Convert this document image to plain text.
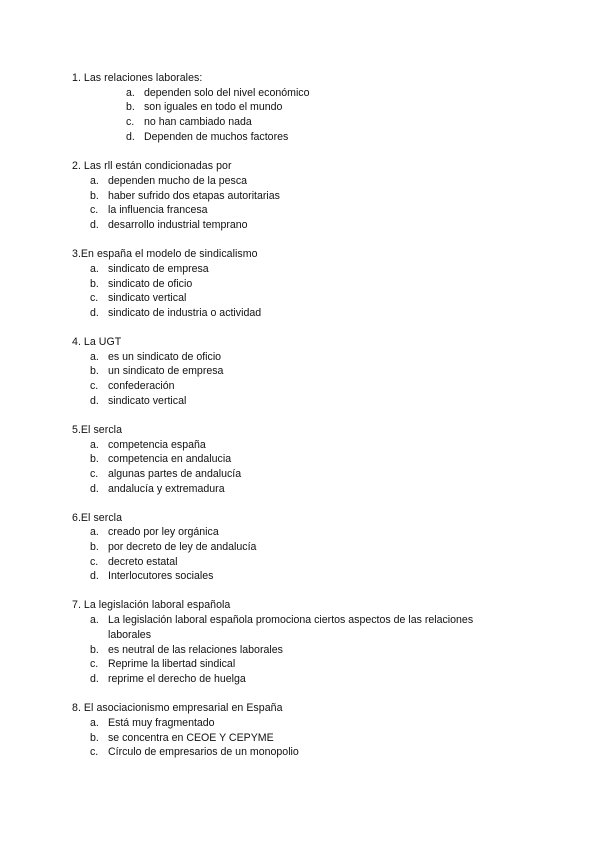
1. Las relaciones laborales:
a. dependen solo del nivel económico
b. son iguales en todo el mundo
c. no han cambiado nada
d. Dependen de muchos factores
2. Las rll están condicionadas por
a. dependen mucho de la pesca
b. haber sufrido dos etapas autoritarias
c. la influencia francesa
d. desarrollo industrial temprano
3.En españa el modelo de sindicalismo
a. sindicato de empresa
b. sindicato de oficio
c. sindicato vertical
d. sindicato de industria o actividad
4. La UGT
a. es un sindicato de oficio
b. un sindicato de empresa
c. confederación
d. sindicato vertical
5.El sercla
a. competencia españa
b. competencia en andalucia
c. algunas partes de andalucía
d. andalucía y extremadura
6.El sercla
a. creado por ley orgánica
b. por decreto de ley de andalucía
c. decreto estatal
d. Interlocutores sociales
7. La legislación laboral española
a. La legislación laboral española promociona ciertos aspectos de las relaciones
laborales
b. es neutral de las relaciones laborales
c. Reprime la libertad sindical
d. reprime el derecho de huelga
8. El asociacionismo empresarial en España
a. Está muy fragmentado
b. se concentra en CEOE Y CEPYME
c. Círculo de empresarios de un monopolio
